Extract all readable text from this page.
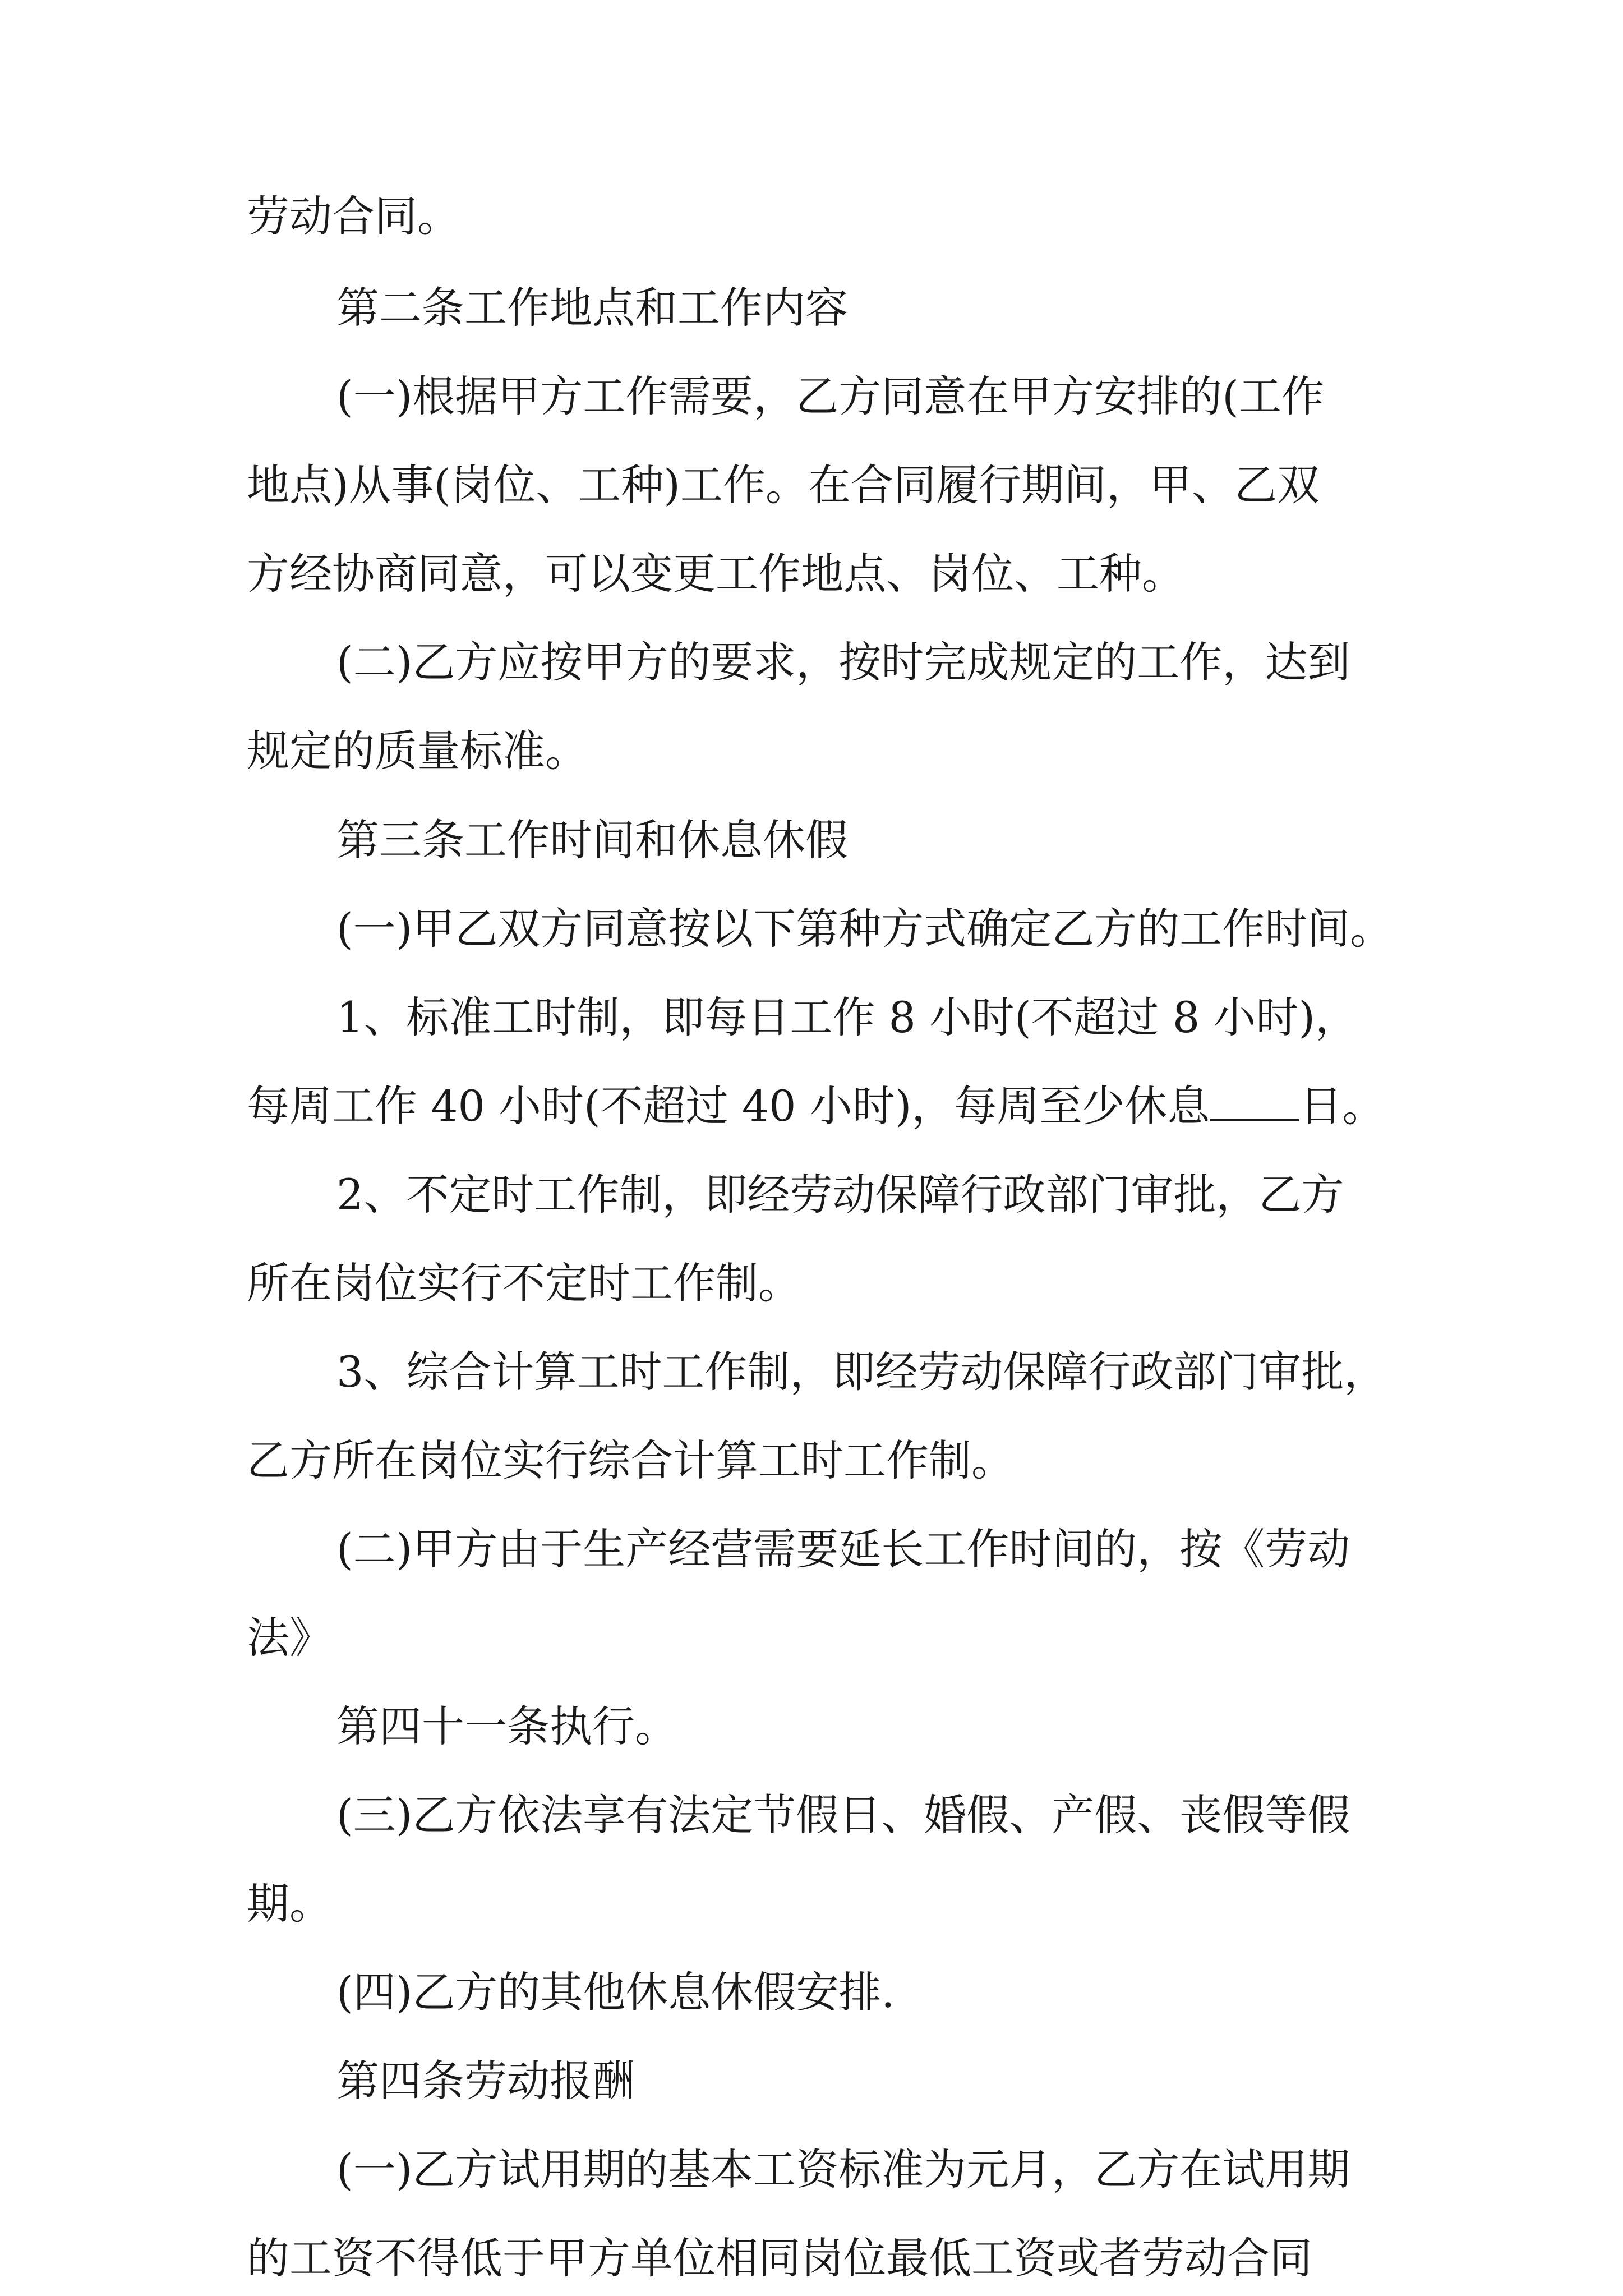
劳动合同。

第二条工作地点和工作内容

(一)根据甲方工作需要，乙方同意在甲方安排的(工作

地点)从事(岗位、工种)工作。在合同履行期间，甲、乙双

方经协商同意，可以变更工作地点、岗位、工种。

(二)乙方应按甲方的要求，按时完成规定的工作，达到

规定的质量标准。

第三条工作时间和休息休假

(一)甲乙双方同意按以下第种方式确定乙方的工作时间。

1、标准工时制，即每日工作 8 小时(不超过 8 小时)，

每周工作 40 小时(不超过 40 小时)，每周至少休息 日。

2、不定时工作制，即经劳动保障行政部门审批，乙方

所在岗位实行不定时工作制。

3、综合计算工时工作制，即经劳动保障行政部门审批，

乙方所在岗位实行综合计算工时工作制。

(二)甲方由于生产经营需要延长工作时间的，按《劳动

法》

第四十一条执行。

(三)乙方依法享有法定节假日、婚假、产假、丧假等假

期。

(四)乙方的其他休息休假安排.

第四条劳动报酬

(一)乙方试用期的基本工资标准为元月，乙方在试用期

的工资不得低于甲方单位相同岗位最低工资或者劳动合同
